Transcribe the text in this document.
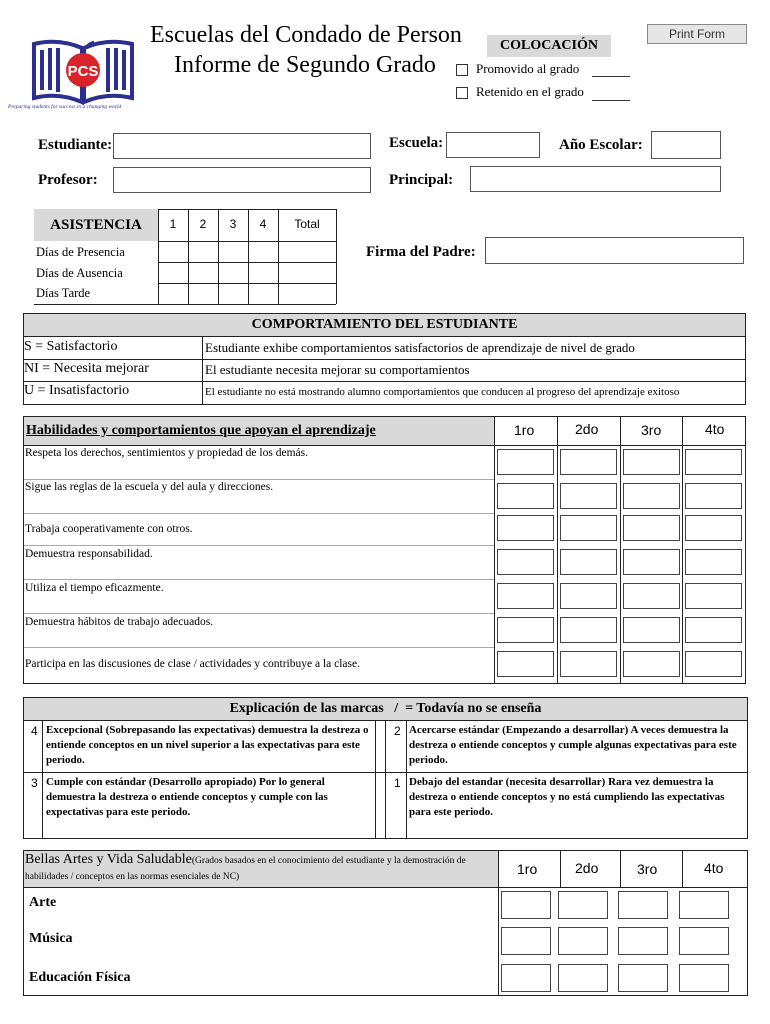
PCS
Preparing students for success in a changing world
Escuelas del Condado de Person
Informe de Segundo Grado
Print Form
COLOCACIÓN
Promovido al grado
Retenido en el grado
Estudiante:	Escuela:	Año Escolar:
Profesor:	Principal:
ASISTENCIA	1	2	3	4	Total
Días de Presencia
Días de Ausencia
Días Tarde
Firma del Padre:
COMPORTAMIENTO DEL ESTUDIANTE
S = Satisfactorio	Estudiante exhibe comportamientos satisfactorios de aprendizaje de nivel de grado
NI = Necesita mejorar	El estudiante necesita mejorar su comportamientos
U = Insatisfactorio	El estudiante no está mostrando alumno comportamientos que conducen al progreso del aprendizaje exitoso
Habilidades y comportamientos que apoyan el aprendizaje	1ro	2do	3ro	4to
Respeta los derechos, sentimientos y propiedad de los demás.
Sigue las reglas de la escuela y del aula y direcciones.
Trabaja cooperativamente con otros.
Demuestra responsabilidad.
Utiliza el tiempo eficazmente.
Demuestra hábitos de trabajo adecuados.
Participa en las discusiones de clase / actividades y contribuye a la clase.
Explicación de las marcas   /  = Todavía no se enseña
4 Excepcional (Sobrepasando las expectativas) demuestra la destreza o entiende conceptos en un nivel superior a las expectativas para este periodo.
2 Acercarse estándar (Empezando a desarrollar) A veces demuestra la destreza o entiende conceptos y cumple algunas expectativas para este periodo.
3 Cumple con estándar (Desarrollo apropiado) Por lo general demuestra la destreza o entiende conceptos y cumple con las expectativas para este periodo.
1 Debajo del estandar (necesita desarrollar) Rara vez demuestra la destreza o entiende conceptos y no está cumpliendo las expectativas para este periodo.
Bellas Artes y Vida Saludable(Grados basados en el conocimiento del estudiante y la demostración de habilidades / conceptos en las normas esenciales de NC)	1ro	2do	3ro	4to
Arte
Música
Educación Física
